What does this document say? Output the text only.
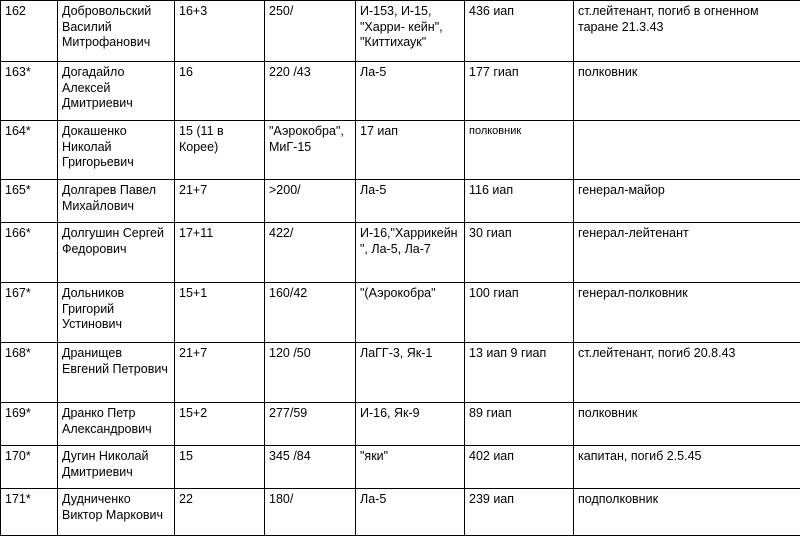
162	Добровольский Василий Митрофанович	16+3	250/	И-153, И-15, "Харри- кейн", "Киттихаук"	436 иап	ст.лейтенант, погиб в огненном таране 21.3.43
163*	Догадайло Алексей Дмитриевич	16	220 /43	Ла-5	177 гиап	полковник
164*	Докашенко Николай Григорьевич	15 (11 в Корее)	"Аэрокобра", МиГ-15	17 иап	полковник	
165*	Долгарев Павел Михайлович	21+7	>200/	Ла-5	116 иап	генерал-майор
166*	Долгушин Сергей Федорович	17+11	422/	И-16,"Харрикейн", Ла-5, Ла-7	30 гиап	генерал-лейтенант
167*	Дольников Григорий Устинович	15+1	160/42	"(Аэрокобра"	100 гиап	генерал-полковник
168*	Дранищев Евгений Петрович	21+7	120 /50	ЛаГГ-3, Як-1	13 иап 9 гиап	ст.лейтенант, погиб 20.8.43
169*	Дранко Петр Александрович	15+2	277/59	И-16, Як-9	89 гиап	полковник
170*	Дугин Николай Дмитриевич	15	345 /84	"яки"	402 иап	капитан, погиб 2.5.45
171*	Дудниченко Виктор Маркович	22	180/	Ла-5	239 иап	подполковник
